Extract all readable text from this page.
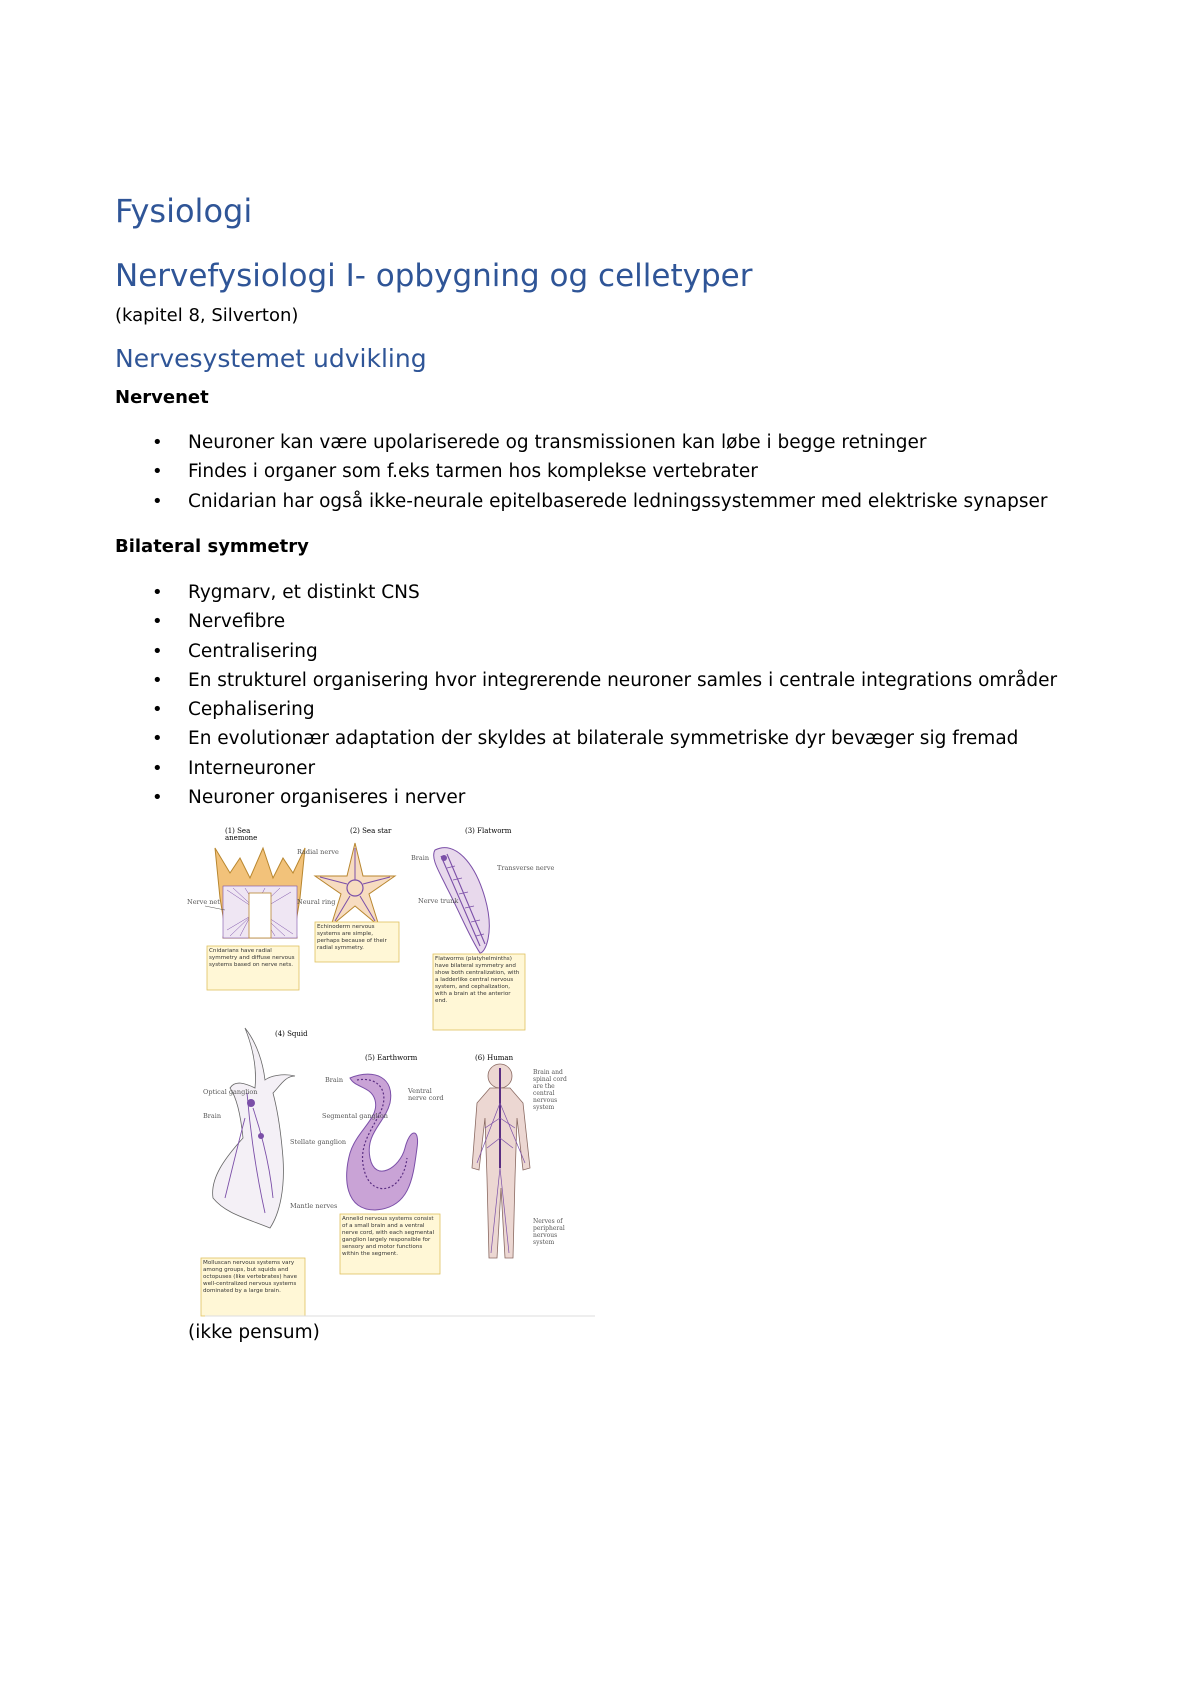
Fysiologi
Nervefysiologi I- opbygning og celletyper

(kapitel 8, Silverton)

Nervesystemet udvikling

Nervenet

• Neuroner kan være upolariserede og transmissionen kan løbe i begge retninger
• Findes i organer som f.eks tarmen hos komplekse vertebrater
• Cnidarian har også ikke-neurale epitelbaserede ledningssystemmer med elektriske synapser

Bilateral symmetry

• Rygmarv, et distinkt CNS
• Nervefibre
• Centralisering
• En strukturel organisering hvor integrerende neuroner samles i centrale integrations områder
• Cephalisering
• En evolutionær adaptation der skyldes at bilaterale symmetriske dyr bevæger sig fremad
• Interneuroner
• Neuroner organiseres i nerver
(1) Sea anemone
(2) Sea star	(3) Flatworm
(4) Squid
(5) Earthworm	(6) Human
Nerve net
Cnidarians have radial symmetry and diffuse nervous systems based on nerve nets.
Radial nerve
Neural ring
Echinoderm nervous systems are simple, perhaps because of their radial symmetry.
Brain
Transverse nerve
Nerve trunk
Flatworms (platyhelminths) have bilateral symmetry and show both centralization, with a ladderlike central nervous system, and cephalization, with a brain at the anterior end.
Optical ganglion
Brain
Stellate ganglion
Mantle nerves
Molluscan nervous systems vary among groups, but squids and octopuses (like vertebrates) have well-centralized nervous systems dominated by a large brain.
Brain
Ventral nerve cord
Segmental ganglion
Annelid nervous systems consist of a small brain and a ventral nerve cord, with each segmental ganglion largely responsible for sensory and motor functions within the segment.
Brain and spinal cord are the central nervous system
Nerves of peripheral nervous system

(ikke pensum)
